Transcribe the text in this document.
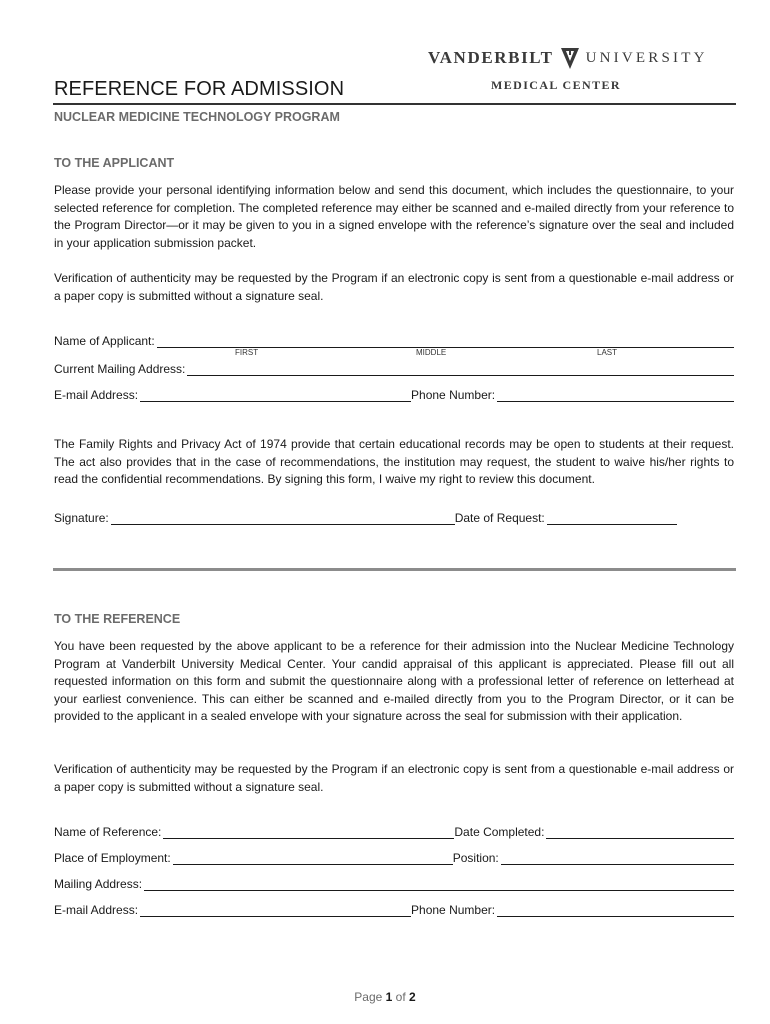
VANDERBILT UNIVERSITY
MEDICAL CENTER
REFERENCE FOR ADMISSION
NUCLEAR MEDICINE TECHNOLOGY PROGRAM
TO THE APPLICANT
Please provide your personal identifying information below and send this document, which includes the questionnaire, to your selected reference for completion. The completed reference may either be scanned and e-mailed directly from your reference to the Program Director—or it may be given to you in a signed envelope with the reference’s signature over the seal and included in your application submission packet.
Verification of authenticity may be requested by the Program if an electronic copy is sent from a questionable e-mail address or a paper copy is submitted without a signature seal.
Name of Applicant:
FIRST	MIDDLE	LAST
Current Mailing Address:
E-mail Address:	Phone Number:
The Family Rights and Privacy Act of 1974 provide that certain educational records may be open to students at their request. The act also provides that in the case of recommendations, the institution may request, the student to waive his/her rights to read the confidential recommendations. By signing this form, I waive my right to review this document.
Signature:	Date of Request:
TO THE REFERENCE
You have been requested by the above applicant to be a reference for their admission into the Nuclear Medicine Technology Program at Vanderbilt University Medical Center. Your candid appraisal of this applicant is appreciated. Please fill out all requested information on this form and submit the questionnaire along with a professional letter of reference on letterhead at your earliest convenience. This can either be scanned and e-mailed directly from you to the Program Director, or it can be provided to the applicant in a sealed envelope with your signature across the seal for submission with their application.
Verification of authenticity may be requested by the Program if an electronic copy is sent from a questionable e-mail address or a paper copy is submitted without a signature seal.
Name of Reference:	Date Completed:
Place of Employment:	Position:
Mailing Address:
E-mail Address:	Phone Number:
Page 1 of 2
